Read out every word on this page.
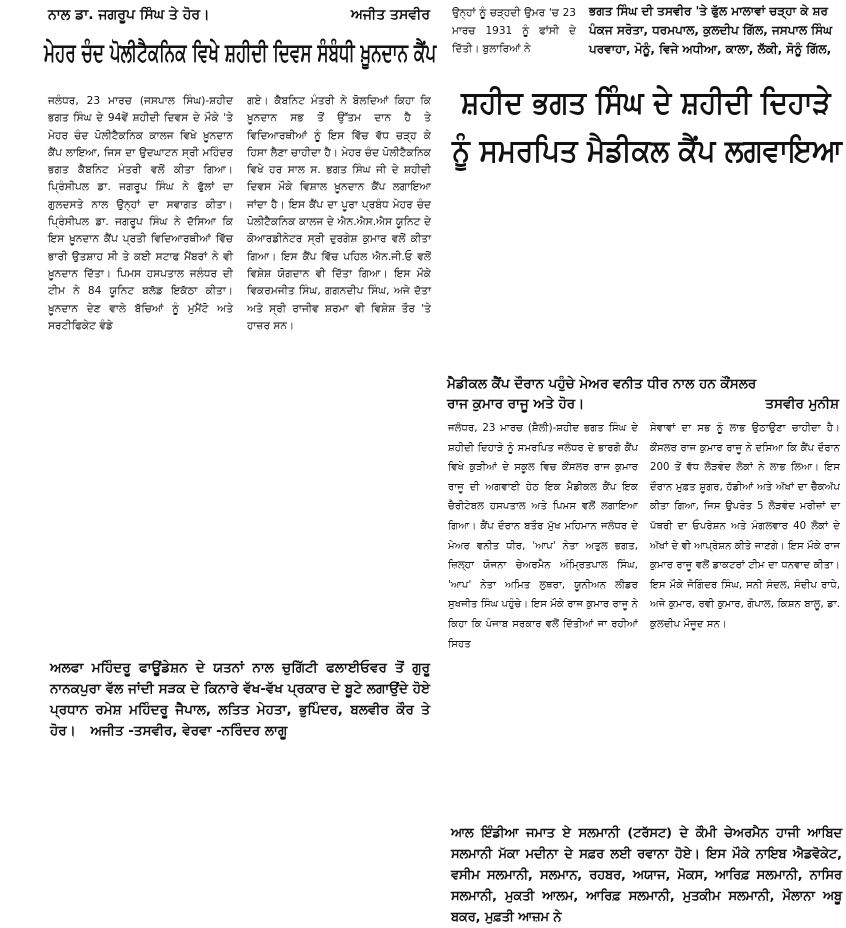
ਨਾਲ ਡਾ. ਜਗਰੂਪ ਸਿੰਘ ਤੇ ਹੋਰ।	ਅਜੀਤ ਤਸਵੀਰ ਉਨ੍ਹਾਂ ਨੂੰ ਚੜ੍ਹਦੀ ਉਮਰ 'ਚ 23 ਮਾਰਚ 1931 ਨੂੰ ਫਾਂਸੀ ਦੇ ਦਿੱਤੀ। ਬੁਲਾਰਿਆਂ ਨੇ
ਭਗਤ ਸਿੰਘ ਦੀ ਤਸਵੀਰ 'ਤੇ ਫੁੱਲ ਮਾਲਾਵਾਂ ਚੜ੍ਹਾ ਕੇ ਸ਼ਰ ਪੰਕਜ ਸਰੋਤਾ, ਧਰਮਪਾਲ, ਕੁਲਦੀਪ ਗਿੱਲ, ਜਸਪਾਲ ਸਿੰਘ ਪਰਵਾਹਾ, ਮੋਨੂੰ, ਵਿਜੇ ਅਧੀਆ, ਕਾਲਾ, ਲੱਕੀ, ਸੋਨੂੰ ਗਿੱਲ,
ਮੇਹਰ ਚੰਦ ਪੋਲੀਟੈਕਨਿਕ ਵਿਖੇ ਸ਼ਹੀਦੀ ਦਿਵਸ ਸੰਬੰਧੀ ਖ਼ੂਨਦਾਨ ਕੈਂਪ
ਜਲੰਧਰ, 23 ਮਾਰਚ (ਜਸਪਾਲ ਸਿੰਘ)-ਸ਼ਹੀਦ ਭਗਤ ਸਿੰਘ ਦੇ 94ਵੇਂ ਸ਼ਹੀਦੀ ਦਿਵਸ ਦੇ ਮੌਕੇ 'ਤੇ ਮੇਹਰ ਚੰਦ ਪੋਲੀਟੈਕਨਿਕ ਕਾਲਜ ਵਿਖੇ ਖ਼ੂਨਦਾਨ ਕੈਂਪ ਲਾਇਆ, ਜਿਸ ਦਾ ਉਦਘਾਟਨ ਸ੍ਰੀ ਮਹਿੰਦਰ ਭਗਤ ਕੈਬਨਿਟ ਮੰਤਰੀ ਵਲੋਂ ਕੀਤਾ ਗਿਆ। ਪ੍ਰਿੰਸੀਪਲ ਡਾ. ਜਗਰੂਪ ਸਿੰਘ ਨੇ ਫੁੱਲਾਂ ਦਾ ਗੁਲਦਸਤੇ ਨਾਲ ਉਨ੍ਹਾਂ ਦਾ ਸਵਾਗਤ ਕੀਤਾ। ਪ੍ਰਿੰਸੀਪਲ ਡਾ. ਜਗਰੂਪ ਸਿੰਘ ਨੇ ਦੱਸਿਆ ਕਿ ਇਸ ਖ਼ੂਨਦਾਨ ਕੈਂਪ ਪ੍ਰਤੀ ਵਿਦਿਆਰਥੀਆਂ ਵਿੱਚ ਭਾਰੀ ਉਤਸ਼ਾਹ ਸੀ ਤੇ ਕਈ ਸਟਾਫ ਮੈਂਬਰਾਂ ਨੇ ਵੀ ਖ਼ੂਨਦਾਨ ਦਿੱਤਾ। ਪਿਮਸ ਹਸਪਤਾਲ ਜਲੰਧਰ ਦੀ ਟੀਮ ਨੇ 84 ਯੂਨਿਟ ਬਲੱਡ ਇਕੱਠਾ ਕੀਤਾ। ਖ਼ੂਨਦਾਨ ਦੇਣ ਵਾਲੇ ਬੱਚਿਆਂ ਨੂੰ ਮੁਮੈਂਟੋ ਅਤੇ ਸਰਟੀਫਿਕੇਟ ਵੰਡੇ
ਗਏ। ਕੈਬਨਿਟ ਮੰਤਰੀ ਨੇ ਬੋਲਦਿਆਂ ਕਿਹਾ ਕਿ ਖ਼ੂਨਦਾਨ ਸਭ ਤੋਂ ਉੱਤਮ ਦਾਨ ਹੈ ਤੇ ਵਿਦਿਆਰਥੀਆਂ ਨੂੰ ਇਸ ਵਿੱਚ ਵੱਧ ਚੜ੍ਹ ਕੇ ਹਿਸਾ ਲੈਣਾ ਚਾਹੀਦਾ ਹੈ। ਮੇਹਰ ਚੰਦ ਪੋਲੀਟੈਕਨਿਕ ਵਿਖੇ ਹਰ ਸਾਲ ਸ. ਭਗਤ ਸਿੰਘ ਜੀ ਦੇ ਸ਼ਹੀਦੀ ਦਿਵਸ ਮੌਕੇ ਵਿਸ਼ਾਲ ਖ਼ੂਨਦਾਨ ਕੈਂਪ ਲਗਾਇਆ ਜਾਂਦਾ ਹੈ। ਇਸ ਕੈਂਪ ਦਾ ਪੂਰਾ ਪ੍ਰਬੰਧ ਮੇਹਰ ਚੰਦ ਪੋਲੀਟੈਕਨਿਕ ਕਾਲਜ ਦੇ ਐਨ.ਐਸ.ਐਸ ਯੂਨਿਟ ਦੇ ਕੋਆਰਡੀਨੇਟਰ ਸ੍ਰੀ ਦੁਰਗੇਸ਼ ਕੁਮਾਰ ਵਲੋਂ ਕੀਤਾ ਗਿਆ। ਇਸ ਕੈਂਪ ਵਿੱਚ ਪਹਿਲ ਐਨ.ਜੀ.ਓ ਵਲੋਂ ਵਿਸ਼ੇਸ਼ ਯੋਗਦਾਨ ਵੀ ਦਿੱਤਾ ਗਿਆ। ਇਸ ਮੌਕੇ ਵਿਕਰਮਜੀਤ ਸਿੰਘ, ਗਗਨਦੀਪ ਸਿੰਘ, ਅਜੇ ਦੱਤਾ ਅਤੇ ਸ੍ਰੀ ਰਾਜੀਵ ਸ਼ਰਮਾ ਵੀ ਵਿਸ਼ੇਸ਼ ਤੌਰ 'ਤੇ ਹਾਜ਼ਰ ਸਨ।
ਸ਼ਹੀਦ ਭਗਤ ਸਿੰਘ ਦੇ ਸ਼ਹੀਦੀ ਦਿਹਾੜੇ
ਨੂੰ ਸਮਰਪਿਤ ਮੈਡੀਕਲ ਕੈਂਪ ਲਗਵਾਇਆ
ਮੈਡੀਕਲ ਕੈਂਪ ਦੌਰਾਨ ਪਹੁੰਚੇ ਮੇਅਰ ਵਨੀਤ ਧੀਰ ਨਾਲ ਹਨ ਕੌਂਸਲਰ
ਰਾਜ ਕੁਮਾਰ ਰਾਜੂ ਅਤੇ ਹੋਰ।	ਤਸਵੀਰ ਮੁਨੀਸ਼
ਜਲੰਧਰ, 23 ਮਾਰਚ (ਸ਼ੈਲੀ)-ਸ਼ਹੀਦ ਭਗਤ ਸਿੰਘ ਦੇ ਸ਼ਹੀਦੀ ਦਿਹਾੜੇ ਨੂੰ ਸਮਰਪਿਤ ਜਲੰਧਰ ਦੇ ਭਾਰਗੋ ਕੈਂਪ ਵਿਖੇ ਕੁੜੀਆਂ ਦੇ ਸਕੂਲ ਵਿਚ ਕੌਂਸਲਰ ਰਾਜ ਕੁਮਾਰ ਰਾਜੂ ਦੀ ਅਗਵਾਈ ਹੇਠ ਇਕ ਮੈਡੀਕਲ ਕੈਂਪ ਇਕ ਚੈਰੀਟੇਬਲ ਹਸਪਤਾਲ ਅਤੇ ਪਿਮਸ ਵਲੋਂ ਲਗਾਇਆ ਗਿਆ। ਕੈਂਪ ਦੌਰਾਨ ਬਤੌਰ ਮੁੱਖ ਮਹਿਮਾਨ ਜਲੰਧਰ ਦੇ ਮੇਅਰ ਵਨੀਤ ਧੀਰ, 'ਆਪ' ਨੇਤਾ ਅਤੁਲ ਭਗਤ, ਜ਼ਿਲ੍ਹਾ ਯੋਜਨਾ ਚੇਅਰਮੈਨ ਅੰਮ੍ਰਿਤਪਾਲ ਸਿੰਘ, 'ਆਪ' ਨੇਤਾ ਅਮਿਤ ਲੁਥਰਾ, ਯੂਨੀਅਨ ਲੀਡਰ ਸੁਖਜੀਤ ਸਿੰਘ ਪਹੁੰਚੇ। ਇਸ ਮੌਕੇ ਰਾਜ ਕੁਮਾਰ ਰਾਜੂ ਨੇ ਕਿਹਾ ਕਿ ਪੰਜਾਬ ਸਰਕਾਰ ਵਲੋਂ ਦਿੱਤੀਆਂ ਜਾ ਰਹੀਆਂ ਸਿਹਤ
ਸੇਵਾਵਾਂ ਦਾ ਸਭ ਨੂੰ ਲਾਭ ਉਠਾਉਣਾ ਚਾਹੀਦਾ ਹੈ। ਕੌਂਸਲਰ ਰਾਜ ਕੁਮਾਰ ਰਾਜੂ ਨੇ ਦਸਿਆ ਕਿ ਕੈਂਪ ਦੌਰਾਨ 200 ਤੋਂ ਵੱਧ ਲੋੜਵੰਦ ਲੋਕਾਂ ਨੇ ਲਾਭ ਲਿਆ। ਇਸ ਦੌਰਾਨ ਮੁਫ਼ਤ ਸ਼ੂਗਰ, ਹੱਡੀਆਂ ਅਤੇ ਅੱਖਾਂ ਦਾ ਚੈੱਕਅੱਪ ਕੀਤਾ ਗਿਆ, ਜਿਸ ਉਪਰੰਤ 5 ਲੋੜਵੰਦ ਮਰੀਜ਼ਾਂ ਦਾ ਪੱਥਰੀ ਦਾ ਓਪਰੇਸ਼ਨ ਅਤੇ ਮੰਗਲਵਾਰ 40 ਲੋਕਾਂ ਦੇ ਅੱਖਾਂ ਦੇ ਵੀ ਆਪ੍ਰੇਸ਼ਨ ਕੀਤੇ ਜਾਣਗੇ। ਇਸ ਮੌਕੇ ਰਾਜ ਕੁਮਾਰ ਰਾਜੂ ਵਲੋਂ ਡਾਕਟਰਾਂ ਟੀਮ ਦਾ ਧਨਵਾਦ ਕੀਤਾ। ਇਸ ਮੌਕੇ ਜੋਗਿੰਦਰ ਸਿੰਘ, ਸਨੀ ਸੰਦਲ, ਸੰਦੀਪ ਰਾਧੇ, ਅਜੇ ਕੁਮਾਰ, ਰਵੀ ਕੁਮਾਰ, ਗੋਪਾਲ, ਕਿਸ਼ਨ ਬਾਲੂ, ਡਾ. ਕੁਲਦੀਪ ਮੌਜੂਦ ਸਨ।
ਅਲਫਾ ਮਹਿੰਦਰੂ ਫਾਊਂਡੇਸ਼ਨ ਦੇ ਯਤਨਾਂ ਨਾਲ ਚੁਗਿੱਟੀ ਫਲਾਈਓਵਰ ਤੋਂ ਗੁਰੂ ਨਾਨਕਪੁਰਾ ਵੱਲ ਜਾਂਦੀ ਸੜਕ ਦੇ ਕਿਨਾਰੇ ਵੱਖ-ਵੱਖ ਪ੍ਰਕਾਰ ਦੇ ਬੂਟੇ ਲਗਾਉਂਦੇ ਹੋਏ ਪ੍ਰਧਾਨ ਰਮੇਸ਼ ਮਹਿੰਦਰੂ ਜੈਪਾਲ, ਲਤਿਤ ਮੇਹਤਾ, ਭੁਪਿੰਦਰ, ਬਲਵੀਰ ਕੌਰ ਤੇ ਹੋਰ। ਅਜੀਤ -ਤਸਵੀਰ, ਵੇਰਵਾ -ਨਰਿੰਦਰ ਲਾਗੂ
ਆਲ ਇੰਡੀਆ ਜਮਾਤ ਏ ਸਲਮਾਨੀ (ਟਰੱਸਟ) ਦੇ ਕੌਮੀ ਚੇਅਰਮੈਨ ਹਾਜੀ ਆਬਿਦ ਸਲਮਾਨੀ ਮੱਕਾ ਮਦੀਨਾ ਦੇ ਸਫ਼ਰ ਲਈ ਰਵਾਨਾ ਹੋਏ। ਇਸ ਮੌਕੇ ਨਾਇਬ ਐਡਵੋਕੇਟ, ਵਸੀਮ ਸਲਮਾਨੀ, ਸਲਮਾਨ, ਰਹਬਰ, ਅਯਾਜ, ਮੋਕਸ, ਆਰਿਫ਼ ਸਲਮਾਨੀ, ਨਾਸਿਰ ਸਲਮਾਨੀ, ਮੁਕਤੀ ਆਲਮ, ਆਰਿਫ਼ ਸਲਮਾਨੀ, ਮੁਤਕੀਮ ਸਲਮਾਨੀ, ਮੌਲਾਨਾ ਅਬੂ ਬਕਰ, ਮੁਫ਼ਤੀ ਆਜ਼ਮ ਨੇ
